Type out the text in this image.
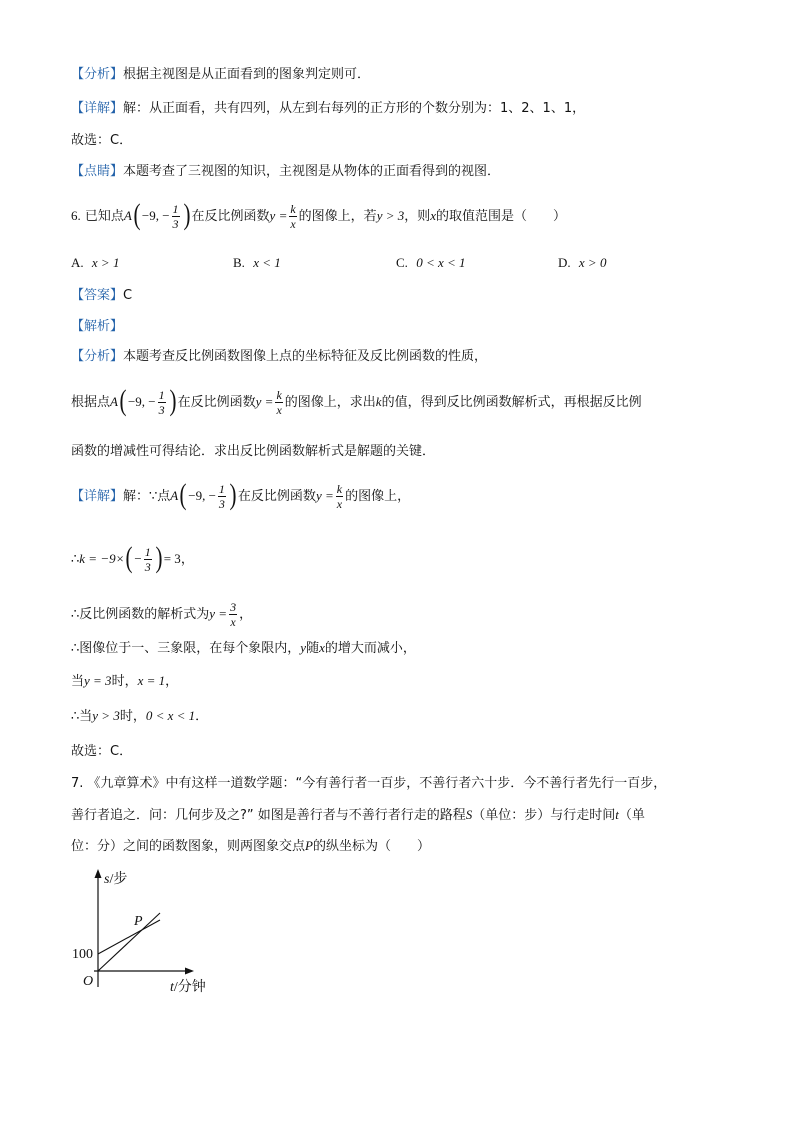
【分析】根据主视图是从正面看到的图象判定则可．
【详解】解：从正面看，共有四列，从左到右每列的正方形的个数分别为：1、2、1、1，
故选：C．
【点睛】本题考查了三视图的知识，主视图是从物体的正面看得到的视图．
6. 已知点A( −9, − $\frac{1}{3}$ ) 在反比例函数$y = \frac{k}{x}$ 的图像上，若y > 3，则x的取值范围是（　　）
A. x > 1	B. x < 1	C. 0 < x < 1	D. x > 0
【答案】C
【解析】
【分析】本题考查反比例函数图像上点的坐标特征及反比例函数的性质，
根据点A( −9, − $\frac{1}{3}$ ) 在反比例函数$y = \frac{k}{x}$ 的图像上，求出k的值，得到反比例函数解析式，再根据反比例
函数的增减性可得结论．求出反比例函数解析式是解题的关键．
【详解】解：∵点A( −9, − $\frac{1}{3}$ ) 在反比例函数$y = \frac{k}{x}$ 的图像上，
∴k = $-9\times( - \frac{1}{3}$ ) = 3，
∴反比例函数的解析式为$y = \frac{3}{x}$ ，
∴图像位于一、三象限，在每个象限内，y随x的增大而减小，
当y = 3时，x = 1，
∴当y > 3时，0 < x < 1．
故选：C．
7. 《九章算术》中有这样一道数学题：“今有善行者一百步，不善行者六十步．今不善行者先行一百步，
善行者追之．问：几何步及之?” 如图是善行者与不善行者行走的路程S（单位：步）与行走时间t（单
位：分）之间的函数图象，则两图象交点P的纵坐标为（　　）
s/步
t/分钟
O
100
P
